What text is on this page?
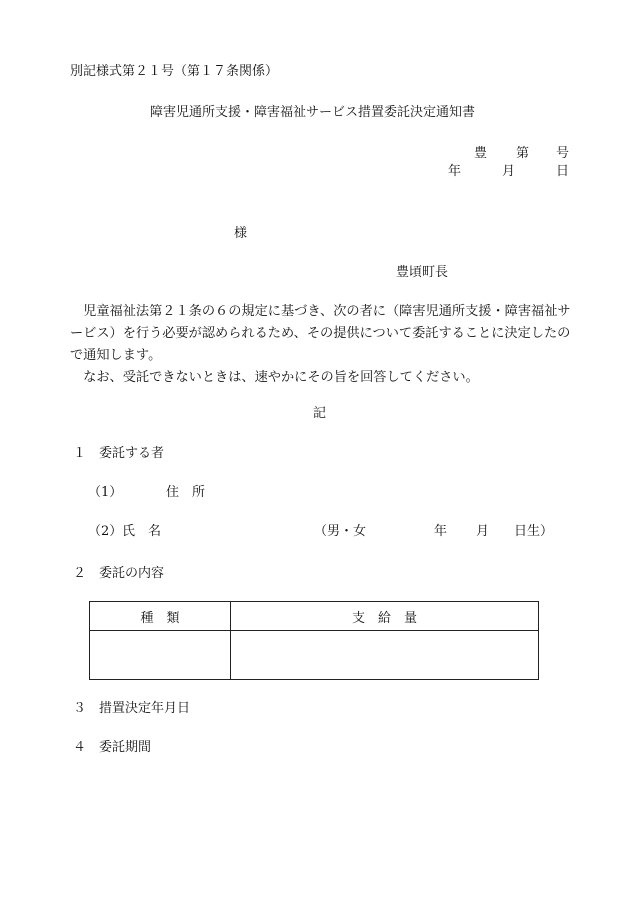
別記様式第２１号（第１７条関係）
障害児通所支援・障害福祉サービス措置委託決定通知書
豊 第 号
年	月	日
様
豊頃町長
　児童福祉法第２１条の６の規定に基づき、次の者に（障害児通所支援・障害福祉サービス）を行う必要が認められるため、その提供について委託することに決定したので通知します。
　なお、受託できないときは、速やかにその旨を回答してください。
記
１ 委託する者
（1）	住　所
（2） 氏　名	（男・女	年 月 日生）
２ 委託の内容
種　類	支　給　量

３ 措置決定年月日
４ 委託期間
